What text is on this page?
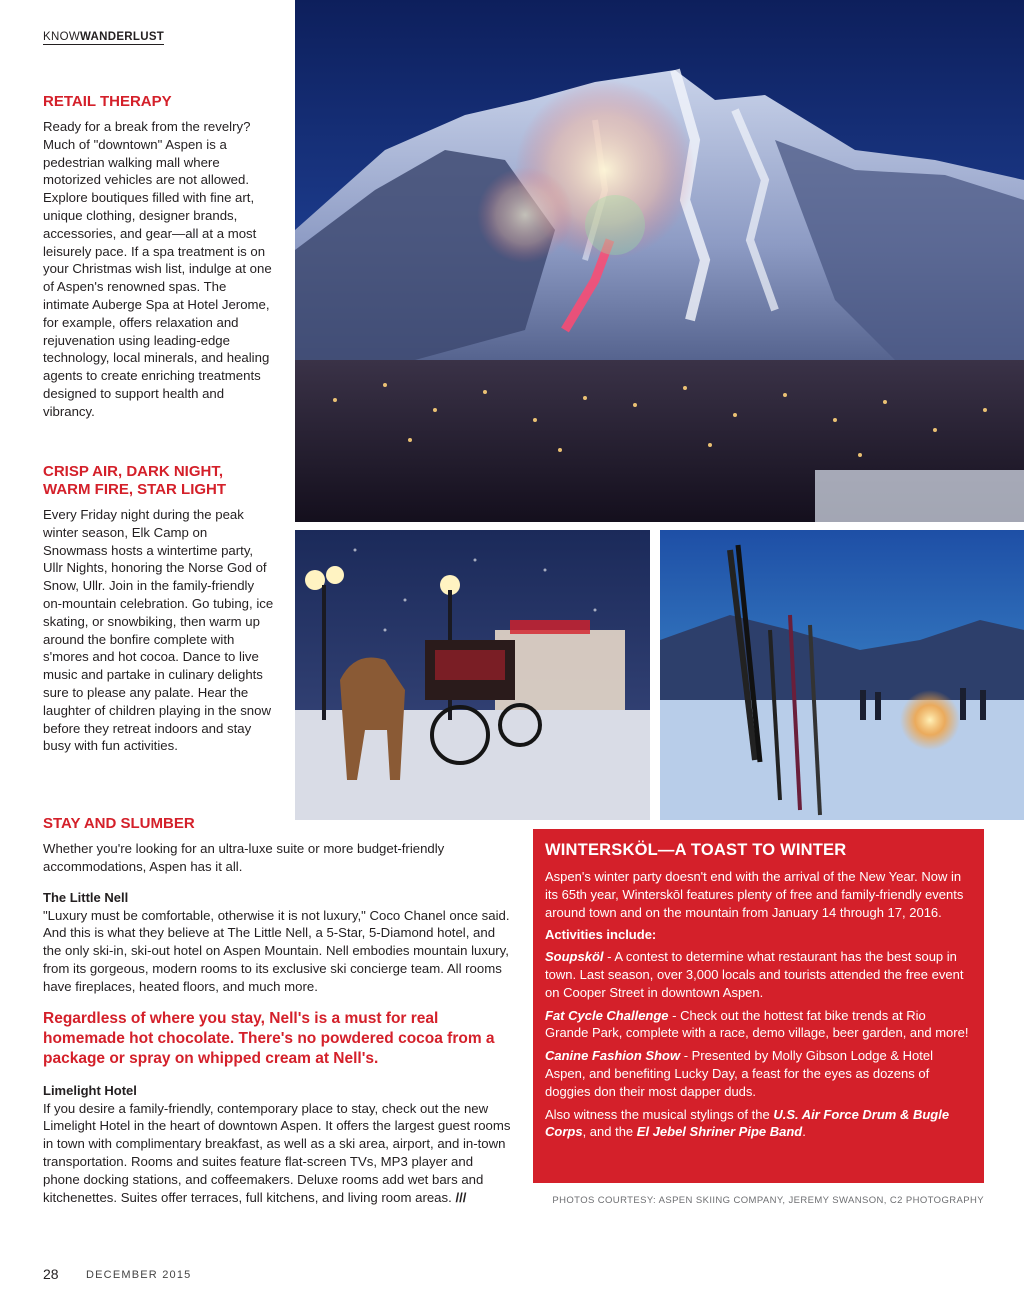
KNOWWANDERLUST
RETAIL THERAPY
Ready for a break from the revelry? Much of "downtown" Aspen is a pedestrian walking mall where motorized vehicles are not allowed. Explore boutiques filled with fine art, unique clothing, designer brands, accessories, and gear—all at a most leisurely pace. If a spa treatment is on your Christmas wish list, indulge at one of Aspen's renowned spas. The intimate Auberge Spa at Hotel Jerome, for example, offers relaxation and rejuvenation using leading-edge technology, local minerals, and healing agents to create enriching treatments designed to support health and vibrancy.
CRISP AIR, DARK NIGHT,
WARM FIRE, STAR LIGHT
Every Friday night during the peak winter season, Elk Camp on Snowmass hosts a wintertime party, Ullr Nights, honoring the Norse God of Snow, Ullr. Join in the family-friendly on-mountain celebration. Go tubing, ice skating, or snowbiking, then warm up around the bonfire complete with s'mores and hot cocoa. Dance to live music and partake in culinary delights sure to please any palate. Hear the laughter of children playing in the snow before they retreat indoors and stay busy with fun activities.
STAY AND SLUMBER
Whether you're looking for an ultra-luxe suite or more budget-friendly accommodations, Aspen has it all.
The Little Nell
"Luxury must be comfortable, otherwise it is not luxury," Coco Chanel once said. And this is what they believe at The Little Nell, a 5-Star, 5-Diamond hotel, and the only ski-in, ski-out hotel on Aspen Mountain. Nell embodies mountain luxury, from its gorgeous, modern rooms to its exclusive ski concierge team. All rooms have fireplaces, heated floors, and much more.
Regardless of where you stay, Nell's is a must for real homemade hot chocolate. There's no powdered cocoa from a package or spray on whipped cream at Nell's.
Limelight Hotel
If you desire a family-friendly, contemporary place to stay, check out the new Limelight Hotel in the heart of downtown Aspen. It offers the largest guest rooms in town with complimentary breakfast, as well as a ski area, airport, and in-town transportation. Rooms and suites feature flat-screen TVs, MP3 player and phone docking stations, and coffeemakers. Deluxe rooms add wet bars and kitchenettes. Suites offer terraces, full kitchens, and living room areas. ///
WINTERSKÖL—A TOAST TO WINTER

Aspen's winter party doesn't end with the arrival of the New Year. Now in its 65th year, Winterskōl features plenty of free and family-friendly events around town and on the mountain from January 14 through 17, 2016.

Activities include:

Soupsköl - A contest to determine what restaurant has the best soup in town. Last season, over 3,000 locals and tourists attended the free event on Cooper Street in downtown Aspen.

Fat Cycle Challenge - Check out the hottest fat bike trends at Rio Grande Park, complete with a race, demo village, beer garden, and more!

Canine Fashion Show - Presented by Molly Gibson Lodge & Hotel Aspen, and benefiting Lucky Day, a feast for the eyes as dozens of doggies don their most dapper duds.

Also witness the musical stylings of the U.S. Air Force Drum & Bugle Corps, and the El Jebel Shriner Pipe Band.

PHOTOS COURTESY: ASPEN SKIING COMPANY, JEREMY SWANSON, C2 PHOTOGRAPHY
28 DECEMBER 2015
